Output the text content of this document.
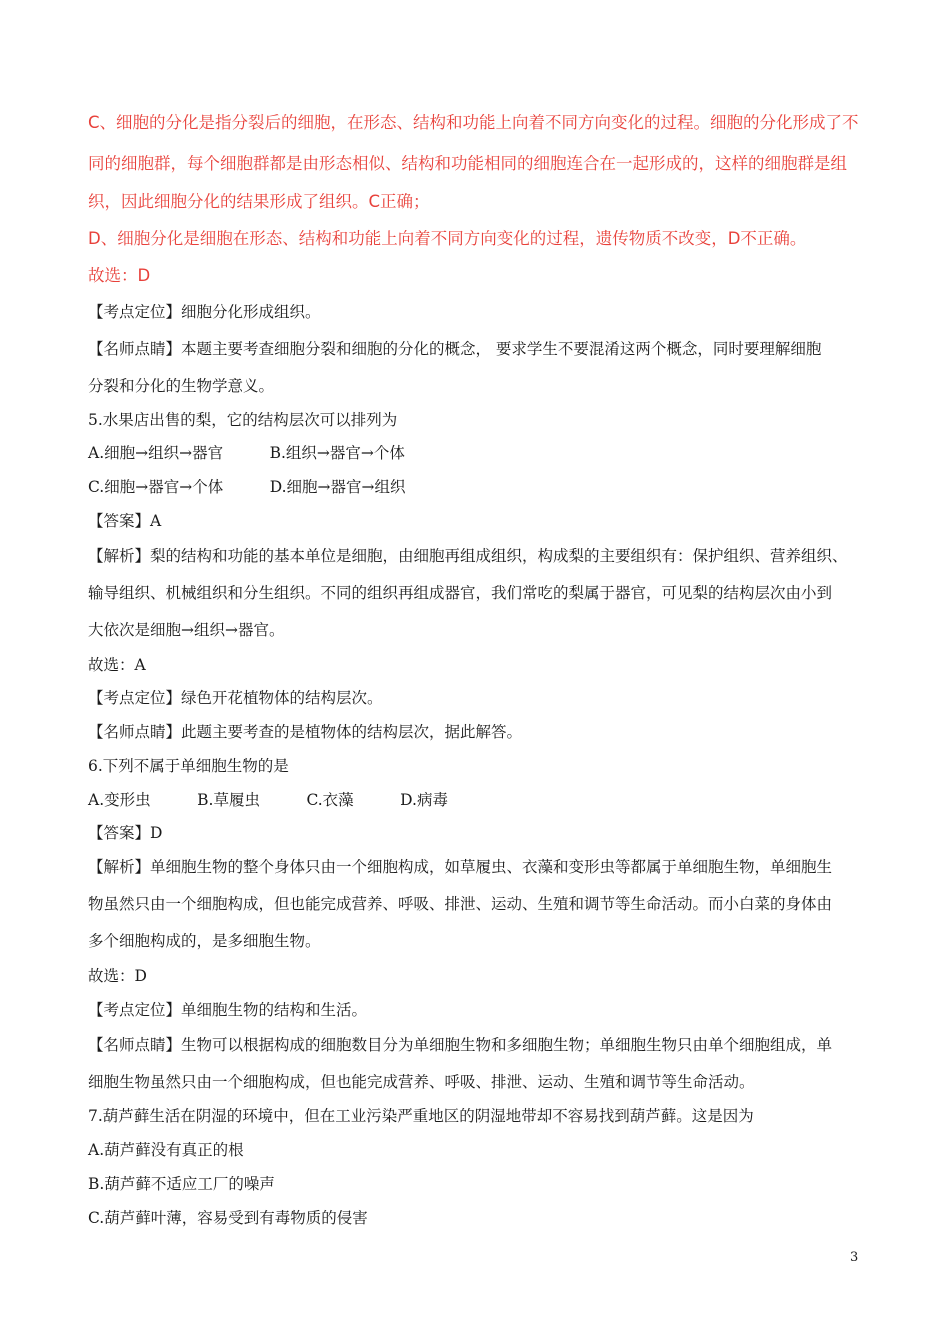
C、细胞的分化是指分裂后的细胞，在形态、结构和功能上向着不同方向变化的过程。细胞的分化形成了不
同的细胞群，每个细胞群都是由形态相似、结构和功能相同的细胞连合在一起形成的，这样的细胞群是组
织，因此细胞分化的结果形成了组织。C正确；
D、细胞分化是细胞在形态、结构和功能上向着不同方向变化的过程，遗传物质不改变，D不正确。
故选：D
【考点定位】细胞分化形成组织。
【名师点睛】本题主要考查细胞分裂和细胞的分化的概念， 要求学生不要混淆这两个概念，同时要理解细胞
分裂和分化的生物学意义。
5.水果店出售的梨，它的结构层次可以排列为
A.细胞→组织→器官　　　B.组织→器官→个体
C.细胞→器官→个体　　　D.细胞→器官→组织
【答案】A
【解析】梨的结构和功能的基本单位是细胞，由细胞再组成组织，构成梨的主要组织有：保护组织、营养组织、
输导组织、机械组织和分生组织。不同的组织再组成器官，我们常吃的梨属于器官，可见梨的结构层次由小到
大依次是细胞→组织→器官。
故选：A
【考点定位】绿色开花植物体的结构层次。
【名师点睛】此题主要考查的是植物体的结构层次，据此解答。
6.下列不属于单细胞生物的是
A.变形虫　　　B.草履虫　　　C.衣藻　　　D.病毒
【答案】D
【解析】单细胞生物的整个身体只由一个细胞构成，如草履虫、衣藻和变形虫等都属于单细胞生物，单细胞生
物虽然只由一个细胞构成，但也能完成营养、呼吸、排泄、运动、生殖和调节等生命活动。而小白菜的身体由
多个细胞构成的，是多细胞生物。
故选：D
【考点定位】单细胞生物的结构和生活。
【名师点睛】生物可以根据构成的细胞数目分为单细胞生物和多细胞生物；单细胞生物只由单个细胞组成，单
细胞生物虽然只由一个细胞构成，但也能完成营养、呼吸、排泄、运动、生殖和调节等生命活动。
7.葫芦藓生活在阴湿的环境中，但在工业污染严重地区的阴湿地带却不容易找到葫芦藓。这是因为
A.葫芦藓没有真正的根
B.葫芦藓不适应工厂的噪声
C.葫芦藓叶薄，容易受到有毒物质的侵害
3
